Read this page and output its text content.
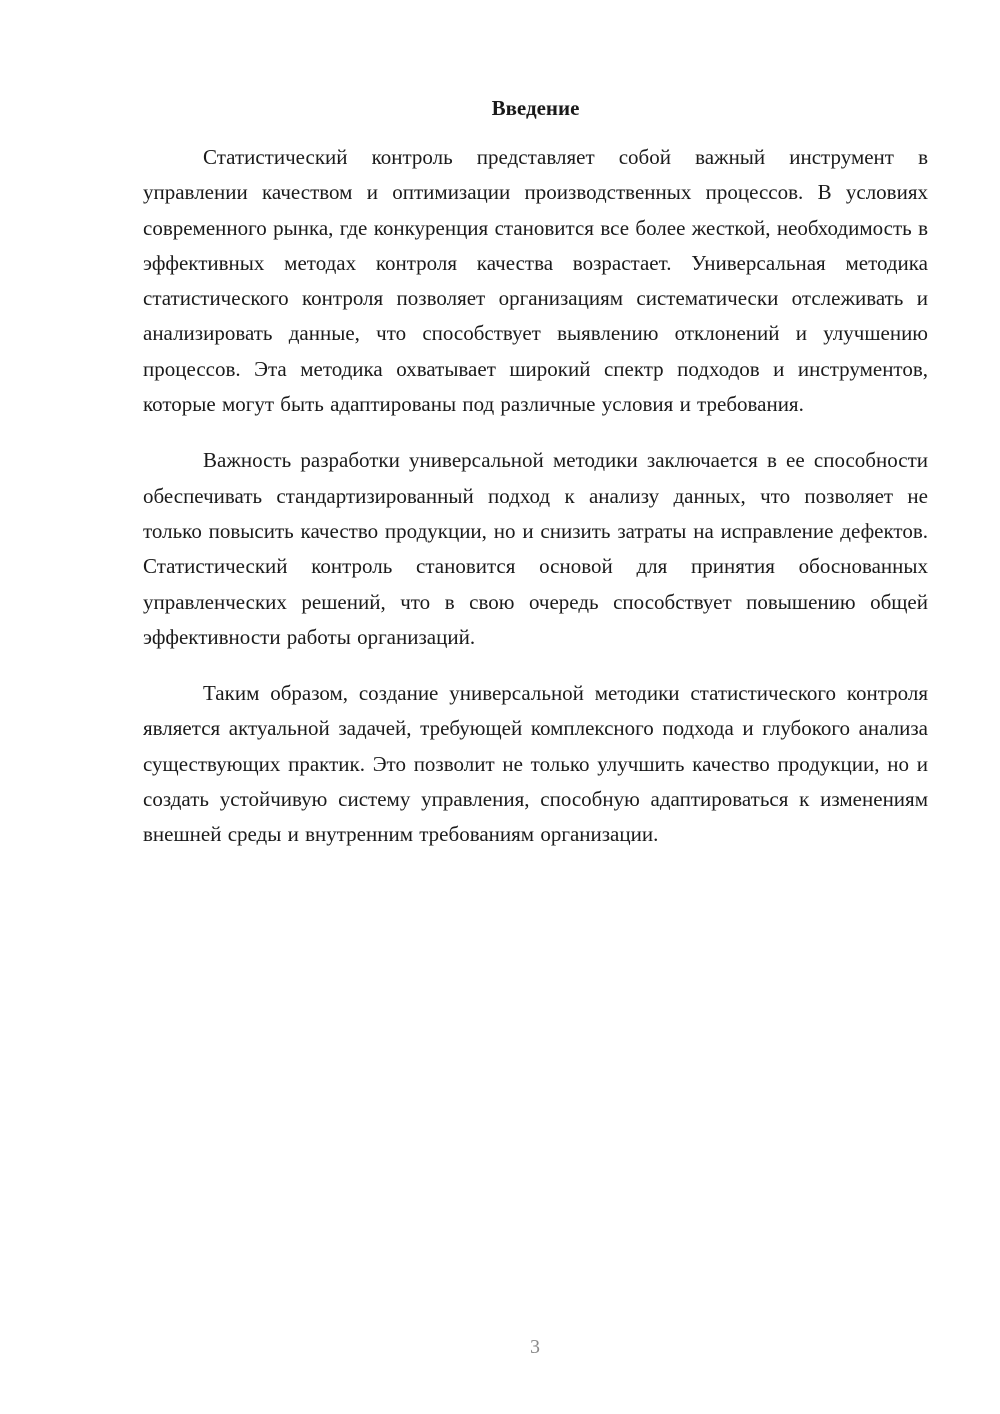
Введение

Статистический контроль представляет собой важный инструмент в управлении качеством и оптимизации производственных процессов. В условиях современного рынка, где конкуренция становится все более жесткой, необходимость в эффективных методах контроля качества возрастает. Универсальная методика статистического контроля позволяет организациям систематически отслеживать и анализировать данные, что способствует выявлению отклонений и улучшению процессов. Эта методика охватывает широкий спектр подходов и инструментов, которые могут быть адаптированы под различные условия и требования.

Важность разработки универсальной методики заключается в ее способности обеспечивать стандартизированный подход к анализу данных, что позволяет не только повысить качество продукции, но и снизить затраты на исправление дефектов. Статистический контроль становится основой для принятия обоснованных управленческих решений, что в свою очередь способствует повышению общей эффективности работы организаций.

Таким образом, создание универсальной методики статистического контроля является актуальной задачей, требующей комплексного подхода и глубокого анализа существующих практик. Это позволит не только улучшить качество продукции, но и создать устойчивую систему управления, способную адаптироваться к изменениям внешней среды и внутренним требованиям организации.

3
